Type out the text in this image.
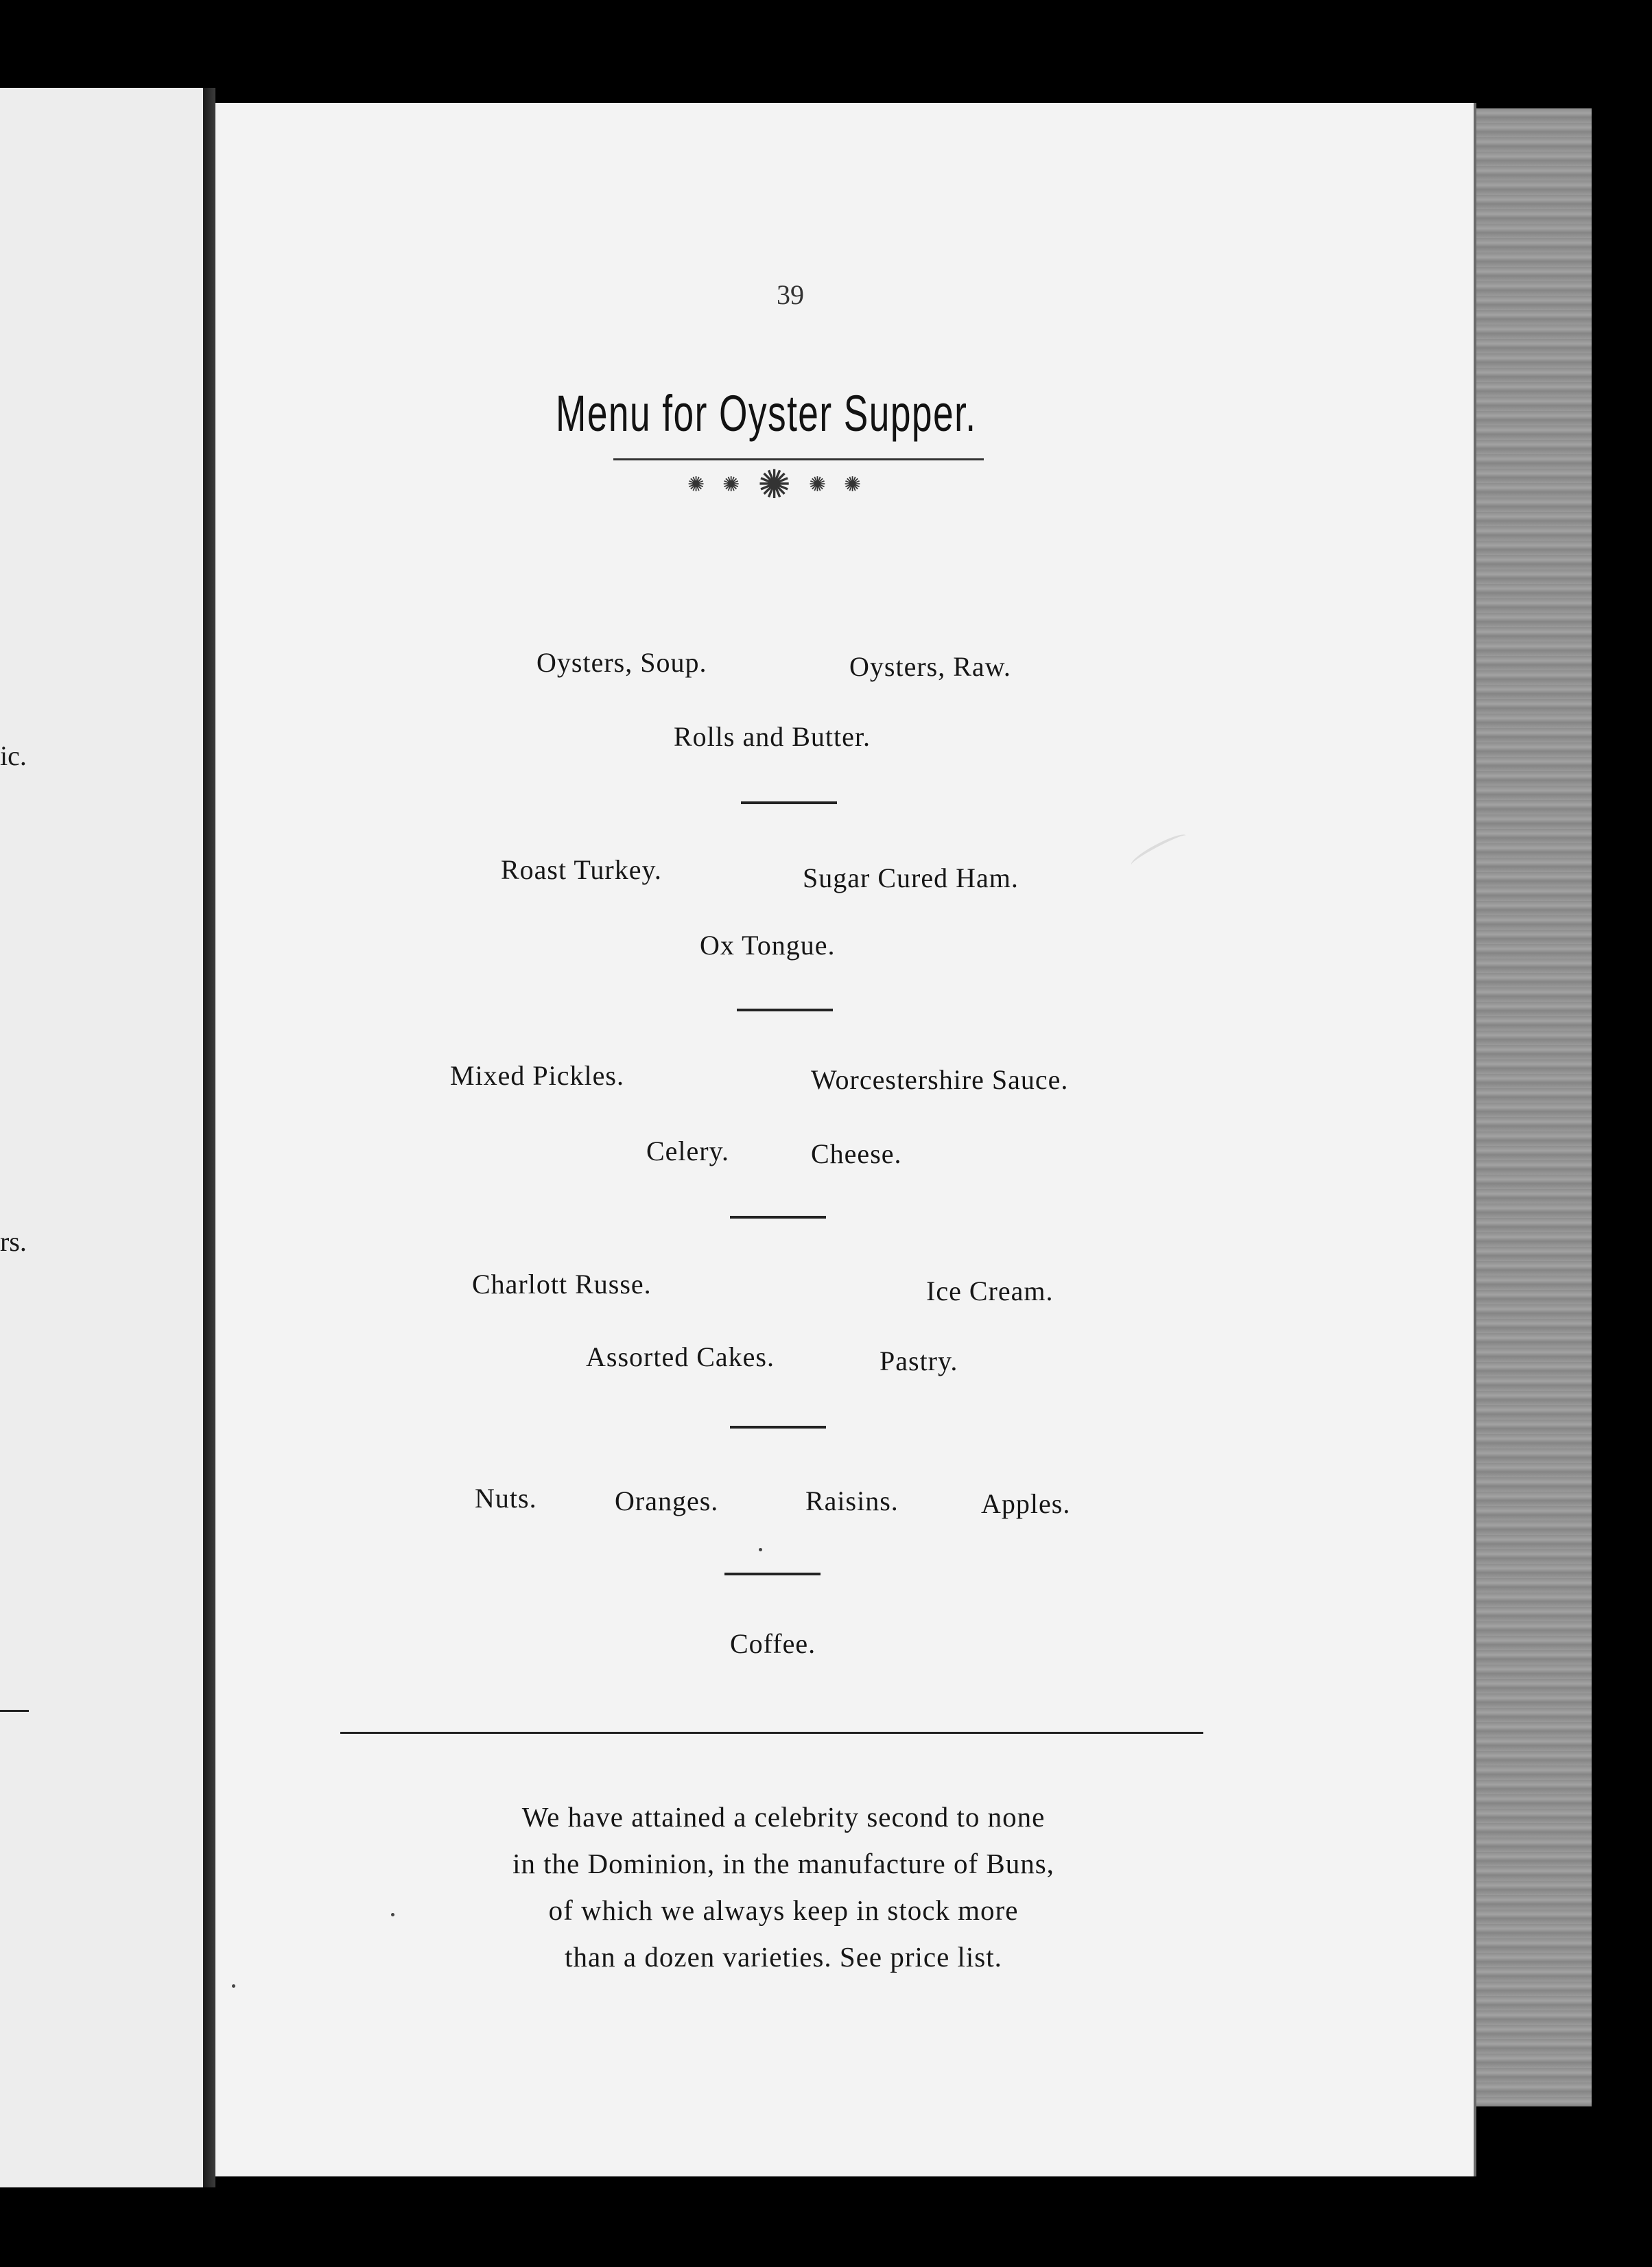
ic.
rs.
39
Menu for Oyster Supper.
✺ ✺ ✺ ✺ ✺
Oysters, Soup.	Oysters, Raw.
Rolls and Butter.
Roast Turkey.	Sugar Cured Ham.
Ox Tongue.
Mixed Pickles.	Worcestershire Sauce.
Celery.	Cheese.
Charlott Russe.	Ice Cream.
Assorted Cakes.	Pastry.
Nuts.	Oranges.	Raisins.	Apples.
Coffee.
We have attained a celebrity second to none
in the Dominion, in the manufacture of Buns,
of which we always keep in stock more
than a dozen varieties. See price list.
